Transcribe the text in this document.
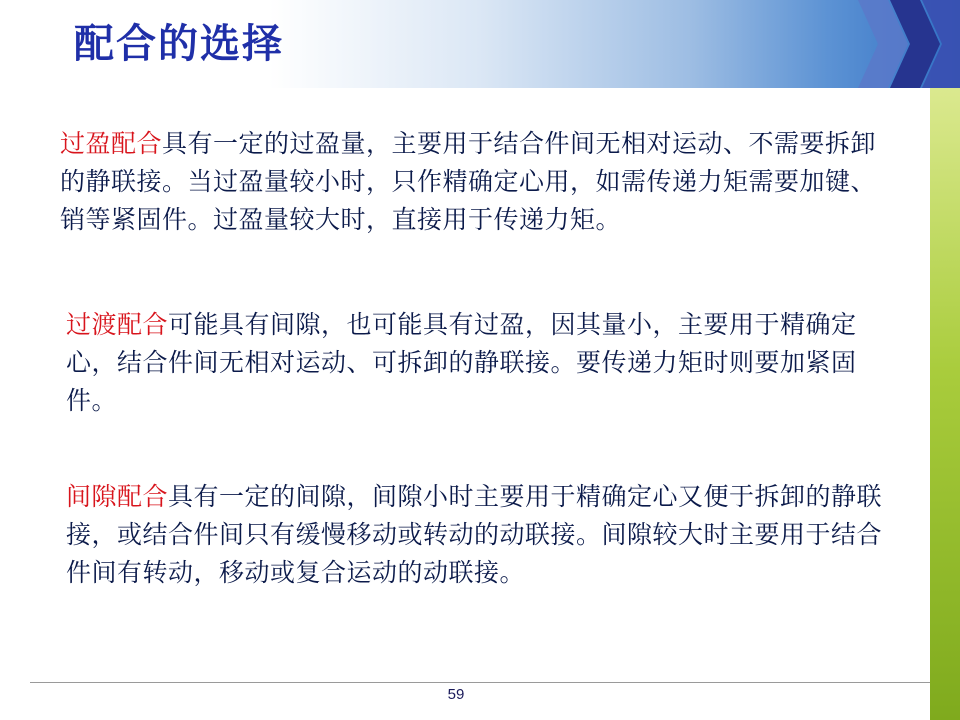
配合的选择

过盈配合具有一定的过盈量，主要用于结合件间无相对运动、不需要拆卸的静联接。当过盈量较小时，只作精确定心用，如需传递力矩需要加键、销等紧固件。过盈量较大时，直接用于传递力矩。

过渡配合可能具有间隙，也可能具有过盈，因其量小，主要用于精确定心，结合件间无相对运动、可拆卸的静联接。要传递力矩时则要加紧固件。

间隙配合具有一定的间隙，间隙小时主要用于精确定心又便于拆卸的静联接，或结合件间只有缓慢移动或转动的动联接。间隙较大时主要用于结合件间有转动，移动或复合运动的动联接。

59
